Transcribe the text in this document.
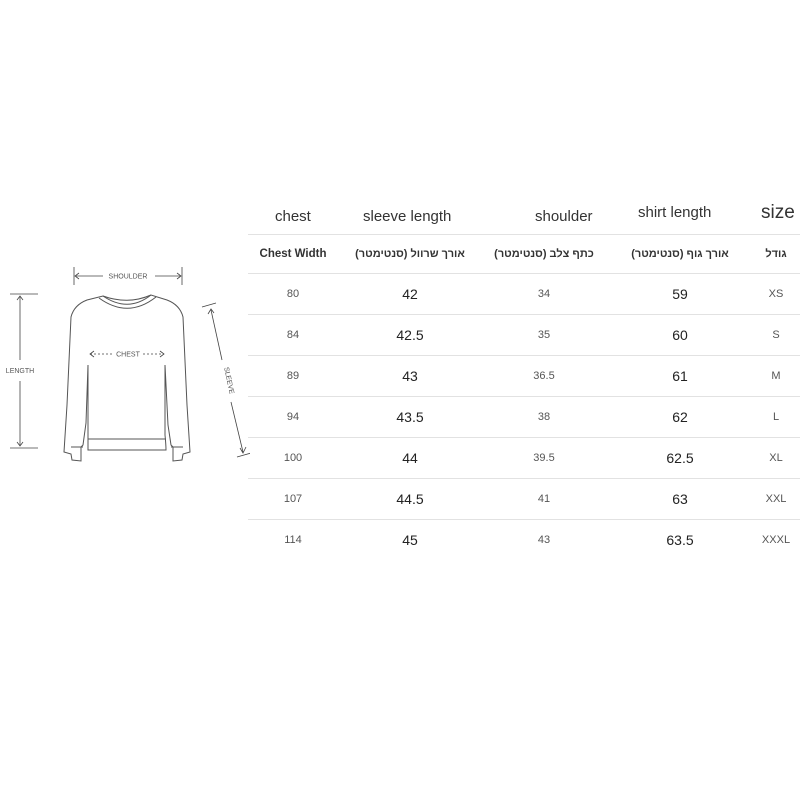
SHOULDER
LENGTH
CHEST
SLEEVE
chest	sleeve length	shoulder	shirt length	size
Chest Width	אורך שרוול (סנטימטר)	כתף צלב (סנטימטר)	אורך גוף (סנטימטר)	גודל
80	42	34	59	XS
84	42.5	35	60	S
89	43	36.5	61	M
94	43.5	38	62	L
100	44	39.5	62.5	XL
107	44.5	41	63	XXL
114	45	43	63.5	XXXL
